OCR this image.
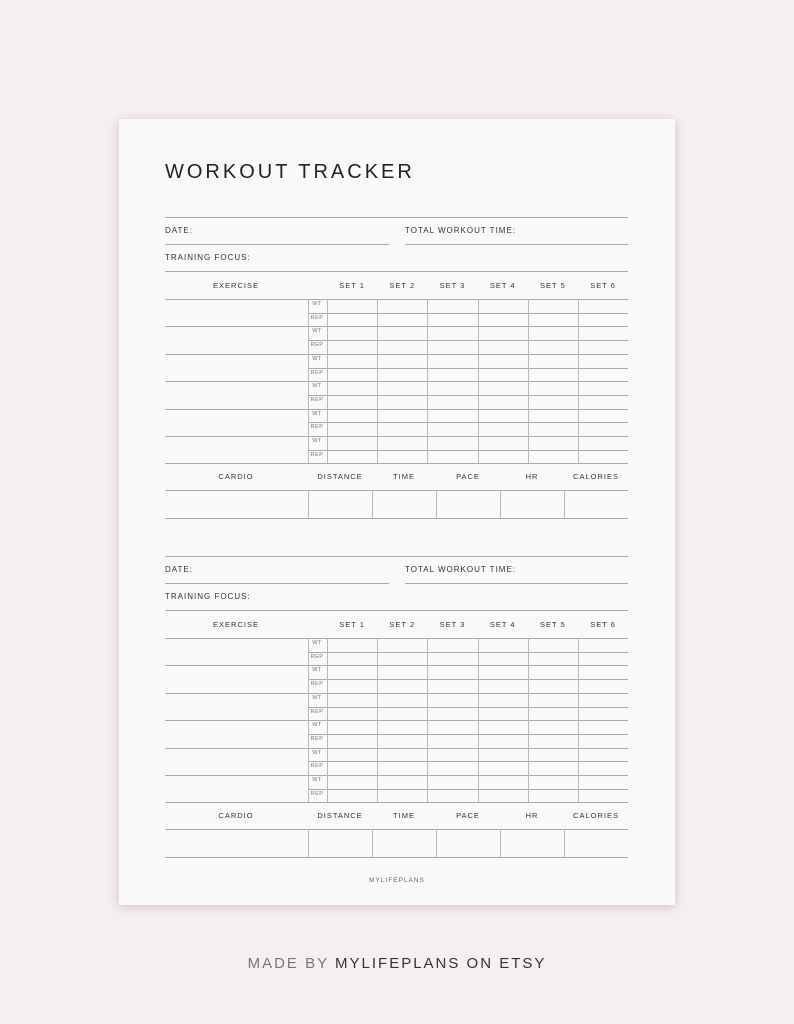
WORKOUT TRACKER
MYLIFEPLANS
DATE:	TOTAL WORKOUT TIME:
TRAINING FOCUS:
EXERCISE	SET 1	SET 2	SET 3	SET 4	SET 5	SET 6
WT
REP
WT
REP
WT
REP
WT
REP
WT
REP
WT
REP
CARDIO	DISTANCE	TIME	PACE	HR	CALORIES
DATE:	TOTAL WORKOUT TIME:
TRAINING FOCUS:
EXERCISE	SET 1	SET 2	SET 3	SET 4	SET 5	SET 6
WT
REP
WT
REP
WT
REP
WT
REP
WT
REP
WT
REP
CARDIO	DISTANCE	TIME	PACE	HR	CALORIES
MADE BY MYLIFEPLANS ON ETSY
